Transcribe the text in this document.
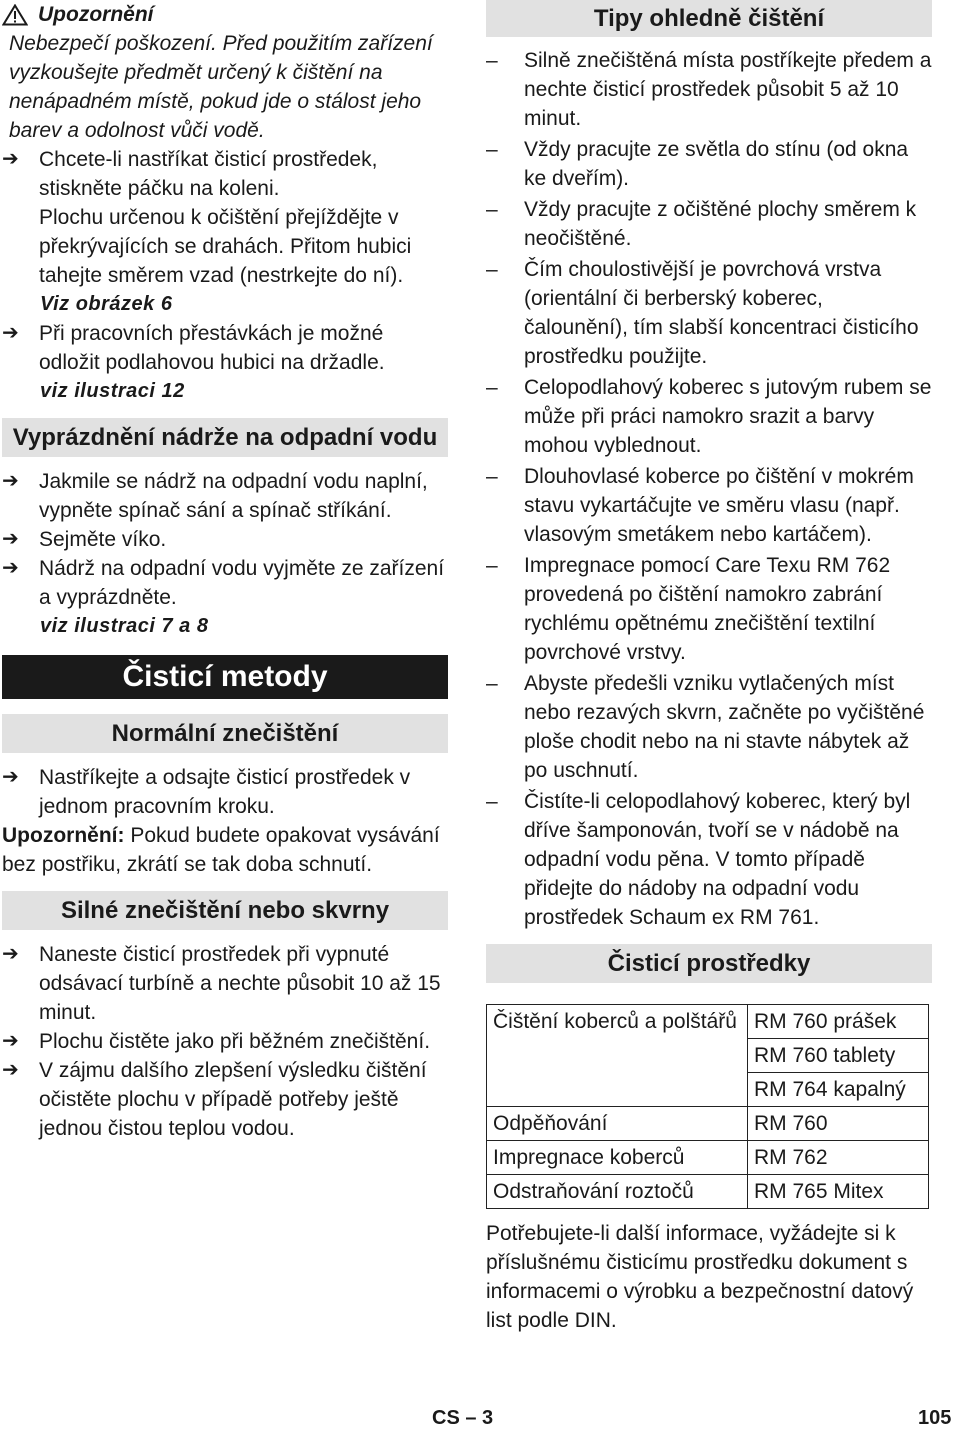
Upozornění
Nebezpečí poškození. Před použitím zařízení vyzkoušejte předmět určený k čištění na nenápadném místě, pokud jde o stálost jeho barev a odolnost vůči vodě.
➔ Chcete-li nastříkat čisticí prostředek, stiskněte páčku na koleni.
Plochu určenou k očištění přejíždějte v překrývajících se drahách. Přitom hubici tahejte směrem vzad (nestrkejte do ní).
Viz obrázek 6
➔ Při pracovních přestávkách je možné odložit podlahovou hubici na držadle.
viz ilustraci 12
Vyprázdnění nádrže na odpadní vodu
➔ Jakmile se nádrž na odpadní vodu naplní, vypněte spínač sání a spínač stříkání.
➔ Sejměte víko.
➔ Nádrž na odpadní vodu vyjměte ze zařízení a vyprázdněte.
viz ilustraci 7 a 8
Čisticí metody
Normální znečištění
➔ Nastříkejte a odsajte čisticí prostředek v jednom pracovním kroku.
Upozornění: Pokud budete opakovat vysávání bez postřiku, zkrátí se tak doba schnutí.
Silné znečištění nebo skvrny
➔ Naneste čisticí prostředek při vypnuté odsávací turbíně a nechte působit 10 až 15 minut.
➔ Plochu čistěte jako při běžném znečištění.
➔ V zájmu dalšího zlepšení výsledku čištění očistěte plochu v případě potřeby ještě jednou čistou teplou vodou.
Tipy ohledně čištění
–	Silně znečištěná místa postříkejte předem a nechte čisticí prostředek působit 5 až 10 minut.
–	Vždy pracujte ze světla do stínu (od okna ke dveřím).
–	Vždy pracujte z očištěné plochy směrem k neočištěné.
–	Čím choulostivější je povrchová vrstva (orientální či berberský koberec, čalounění), tím slabší koncentraci čisticího prostředku použijte.
–	Celopodlahový koberec s jutovým rubem se může při práci namokro srazit a barvy mohou vyblednout.
–	Dlouhovlasé koberce po čištění v mokrém stavu vykartáčujte ve směru vlasu (např. vlasovým smetákem nebo kartáčem).
–	Impregnace pomocí Care Texu RM 762 provedená po čištění namokro zabrání rychlému opětnému znečištění textilní povrchové vrstvy.
–	Abyste předešli vzniku vytlačených míst nebo rezavých skvrn, začněte po vyčištěné ploše chodit nebo na ni stavte nábytek až po uschnutí.
–	Čistíte-li celopodlahový koberec, který byl dříve šamponován, tvoří se v nádobě na odpadní vodu pěna. V tomto případě přidejte do nádoby na odpadní vodu prostředek Schaum ex RM 761.
Čisticí prostředky
Čištění koberců a polštářů	RM 760 prášek
	RM 760 tablety
	RM 764 kapalný
Odpěňování	RM 760
Impregnace koberců	RM 762
Odstraňování roztočů	RM 765 Mitex
Potřebujete-li další informace, vyžádejte si k příslušnému čisticímu prostředku dokument s informacemi o výrobku a bezpečnostní datový list podle DIN.
CS – 3	105
